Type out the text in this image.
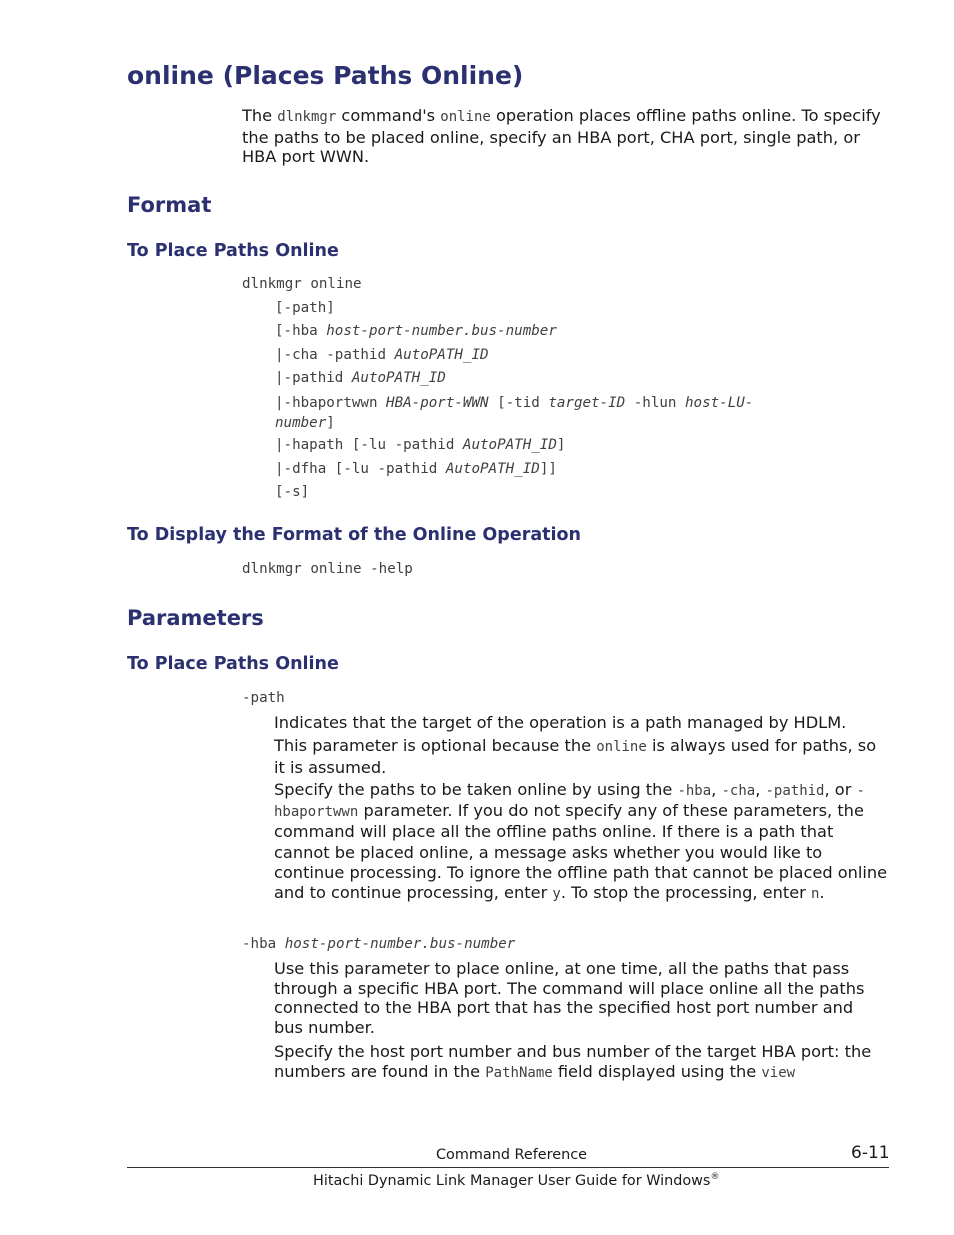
online (Places Paths Online)
The dlnkmgr command's online operation places offline paths online. To specify the paths to be placed online, specify an HBA port, CHA port, single path, or HBA port WWN.
Format
To Place Paths Online
dlnkmgr online
[-path]
[-hba host-port-number.bus-number
|-cha -pathid AutoPATH_ID
|-pathid AutoPATH_ID
|-hbaportwwn HBA-port-WWN [-tid target-ID -hlun host-LU-
number]
|-hapath [-lu -pathid AutoPATH_ID]
|-dfha [-lu -pathid AutoPATH_ID]]
[-s]
To Display the Format of the Online Operation
dlnkmgr online -help
Parameters
To Place Paths Online
-path
Indicates that the target of the operation is a path managed by HDLM.
This parameter is optional because the online is always used for paths, so it is assumed.
Specify the paths to be taken online by using the -hba, -cha, -pathid, or -hbaportwwn parameter. If you do not specify any of these parameters, the command will place all the offline paths online. If there is a path that cannot be placed online, a message asks whether you would like to continue processing. To ignore the offline path that cannot be placed online and to continue processing, enter y. To stop the processing, enter n.
-hba host-port-number.bus-number
Use this parameter to place online, at one time, all the paths that pass through a specific HBA port. The command will place online all the paths connected to the HBA port that has the specified host port number and bus number.
Specify the host port number and bus number of the target HBA port: the numbers are found in the PathName field displayed using the view
Command Reference	6-11
Hitachi Dynamic Link Manager User Guide for Windows®
